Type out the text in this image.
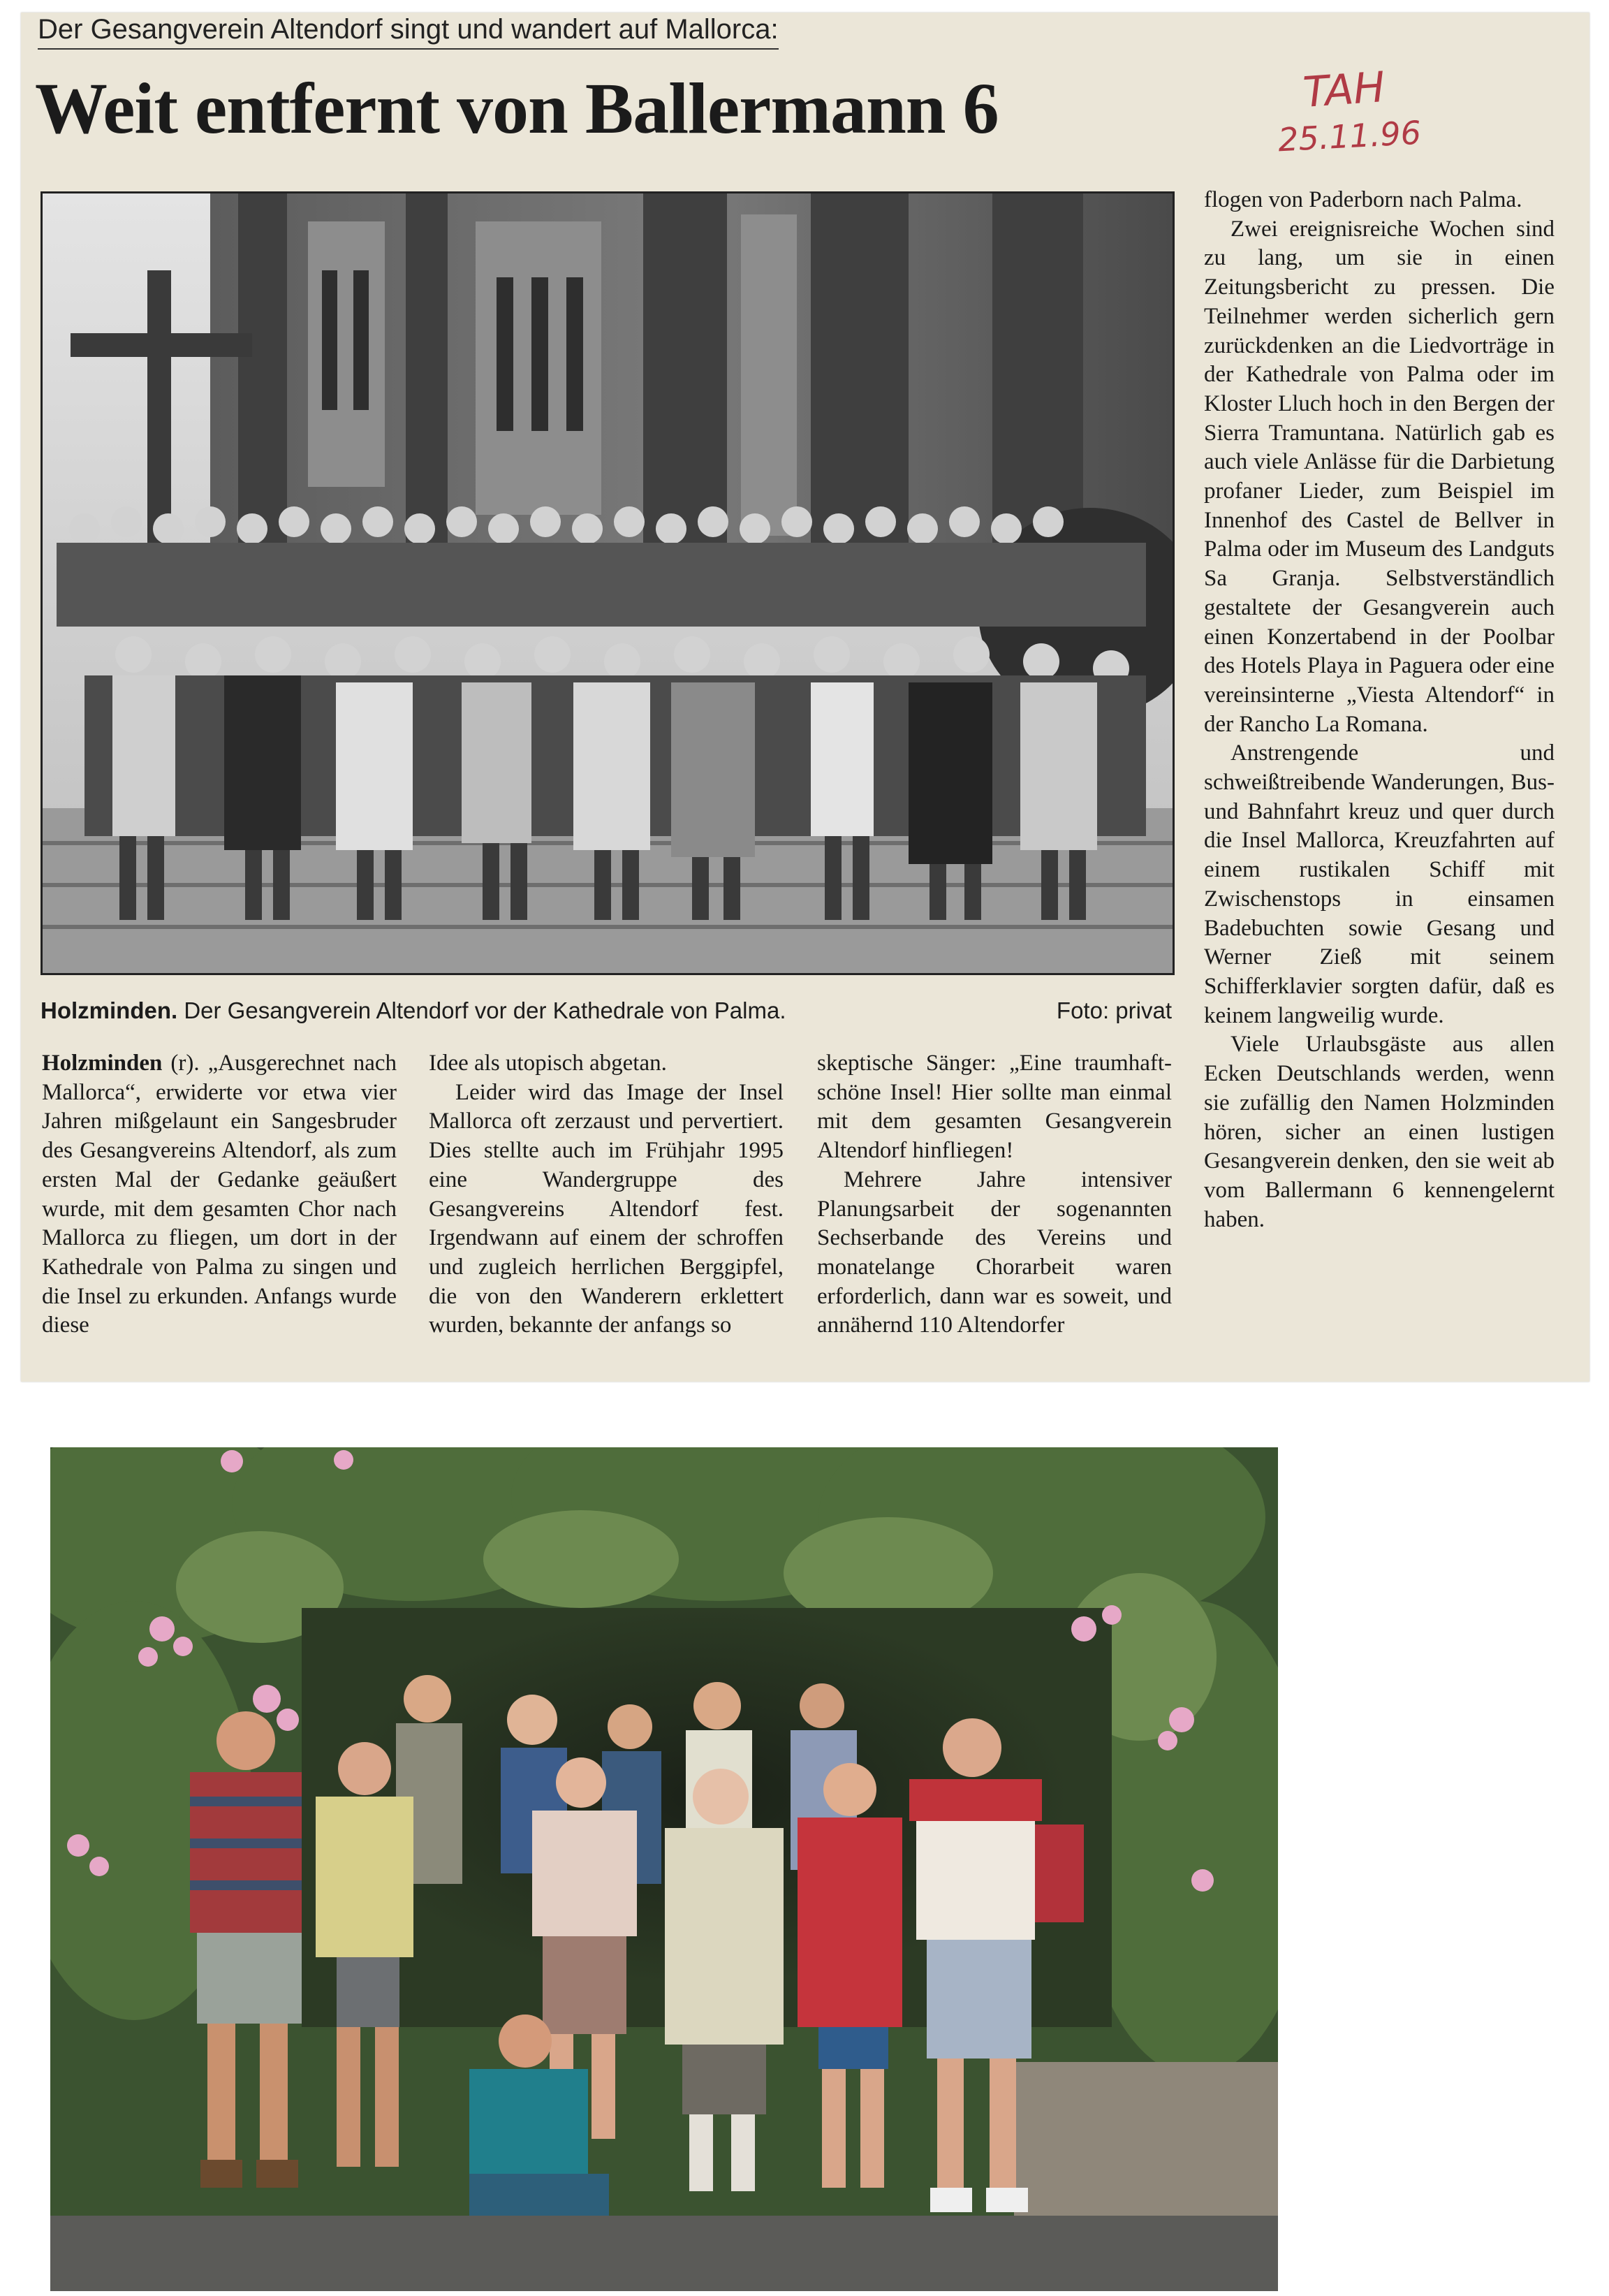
Der Gesangverein Altendorf singt und wandert auf Mallorca:
Weit entfernt von Ballermann 6	TAH
25.11.96
Holzminden. Der Gesangverein Altendorf vor der Kathedrale von Palma.	Foto: privat

Holzminden (r). „Ausgerechnet nach Mallorca“, erwiderte vor etwa vier Jahren mißgelaunt ein Sangesbruder des Gesangvereins Altendorf, als zum ersten Mal der Gedanke geäußert wurde, mit dem gesamten Chor nach Mallorca zu fliegen, um dort in der Kathedrale von Palma zu singen und die Insel zu erkunden. Anfangs wurde diese

Idee als utopisch abgetan.

Leider wird das Image der Insel Mallorca oft zerzaust und pervertiert. Dies stellte auch im Frühjahr 1995 eine Wandergruppe des Gesangvereins Altendorf fest. Irgendwann auf einem der schroffen und zugleich herrlichen Berggipfel, die von den Wanderern erklettert wurden, bekannte der anfangs so

skeptische Sänger: „Eine traumhaft-schöne Insel! Hier sollte man einmal mit dem gesamten Gesangverein Altendorf hinfliegen!

Mehrere Jahre intensiver Planungsarbeit der sogenannten Sechserbande des Vereins und monatelange Chorarbeit waren erforderlich, dann war es soweit, und annähernd 110 Altendorfer

flogen von Paderborn nach Palma.

Zwei ereignisreiche Wochen sind zu lang, um sie in einen Zeitungsbericht zu pressen. Die Teilnehmer werden sicherlich gern zurückdenken an die Liedvorträge in der Kathedrale von Palma oder im Kloster Lluch hoch in den Bergen der Sierra Tramuntana. Natürlich gab es auch viele Anlässe für die Darbietung profaner Lieder, zum Beispiel im Innenhof des Castel de Bellver in Palma oder im Museum des Landguts Sa Granja. Selbstverständlich gestaltete der Gesangverein auch einen Konzertabend in der Poolbar des Hotels Playa in Paguera oder eine vereinsinterne „Viesta Altendorf“ in der Rancho La Romana.

Anstrengende und schweißtreibende Wanderungen, Bus- und Bahnfahrt kreuz und quer durch die Insel Mallorca, Kreuzfahrten auf einem rustikalen Schiff mit Zwischenstops in einsamen Badebuchten sowie Gesang und Werner Zieß mit seinem Schifferklavier sorgten dafür, daß es keinem langweilig wurde.

Viele Urlaubsgäste aus allen Ecken Deutschlands werden, wenn sie zufällig den Namen Holzminden hören, sicher an einen lustigen Gesangverein denken, den sie weit ab vom Ballermann 6 kennengelernt haben.
